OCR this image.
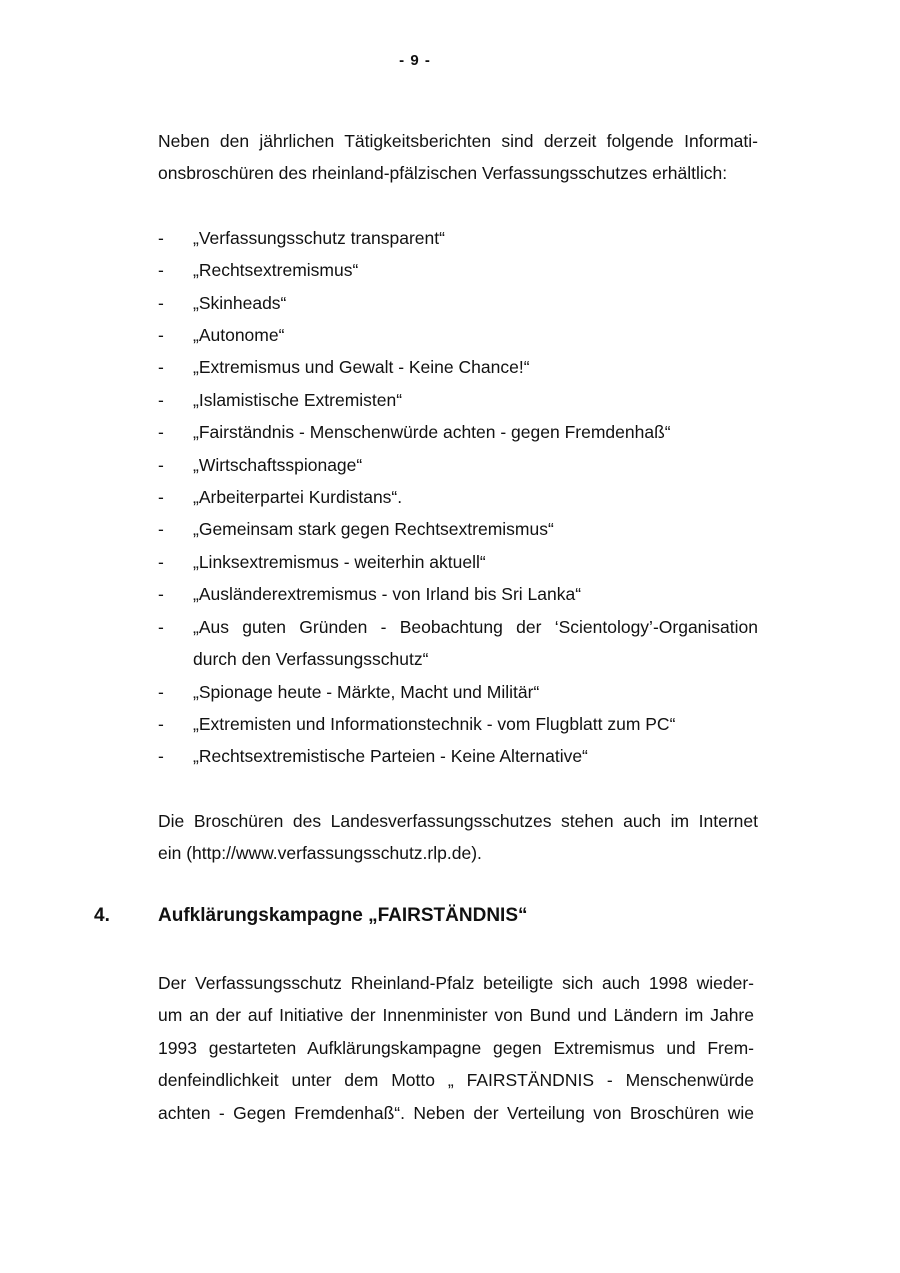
- 9 -

Neben den jährlichen Tätigkeitsberichten sind derzeit folgende Informati-
onsbroschüren des rheinland-pfälzischen Verfassungsschutzes erhältlich:

- „Verfassungsschutz transparent“
- „Rechtsextremismus“
- „Skinheads“
- „Autonome“
- „Extremismus und Gewalt - Keine Chance!“
- „Islamistische Extremisten“
- „Fairständnis - Menschenwürde achten - gegen Fremdenhaß“
- „Wirtschaftsspionage“
- „Arbeiterpartei Kurdistans“.
- „Gemeinsam stark gegen Rechtsextremismus“
- „Linksextremismus - weiterhin aktuell“
- „Ausländerextremismus - von Irland bis Sri Lanka“
- „Aus guten Gründen - Beobachtung der ‘Scientology’-Organisation
durch den Verfassungsschutz“
- „Spionage heute - Märkte, Macht und Militär“
- „Extremisten und Informationstechnik - vom Flugblatt zum PC“
- „Rechtsextremistische Parteien - Keine Alternative“

Die Broschüren des Landesverfassungsschutzes stehen auch im Internet
ein (http://www.verfassungsschutz.rlp.de).

4.	Aufklärungskampagne „FAIRSTÄNDNIS“

Der Verfassungsschutz Rheinland-Pfalz beteiligte sich auch 1998 wieder-
um an der auf Initiative der Innenminister von Bund und Ländern im Jahre
1993 gestarteten Aufklärungskampagne gegen Extremismus und Frem-
denfeindlichkeit unter dem Motto „ FAIRSTÄNDNIS - Menschenwürde
achten - Gegen Fremdenhaß“. Neben der Verteilung von Broschüren wie
